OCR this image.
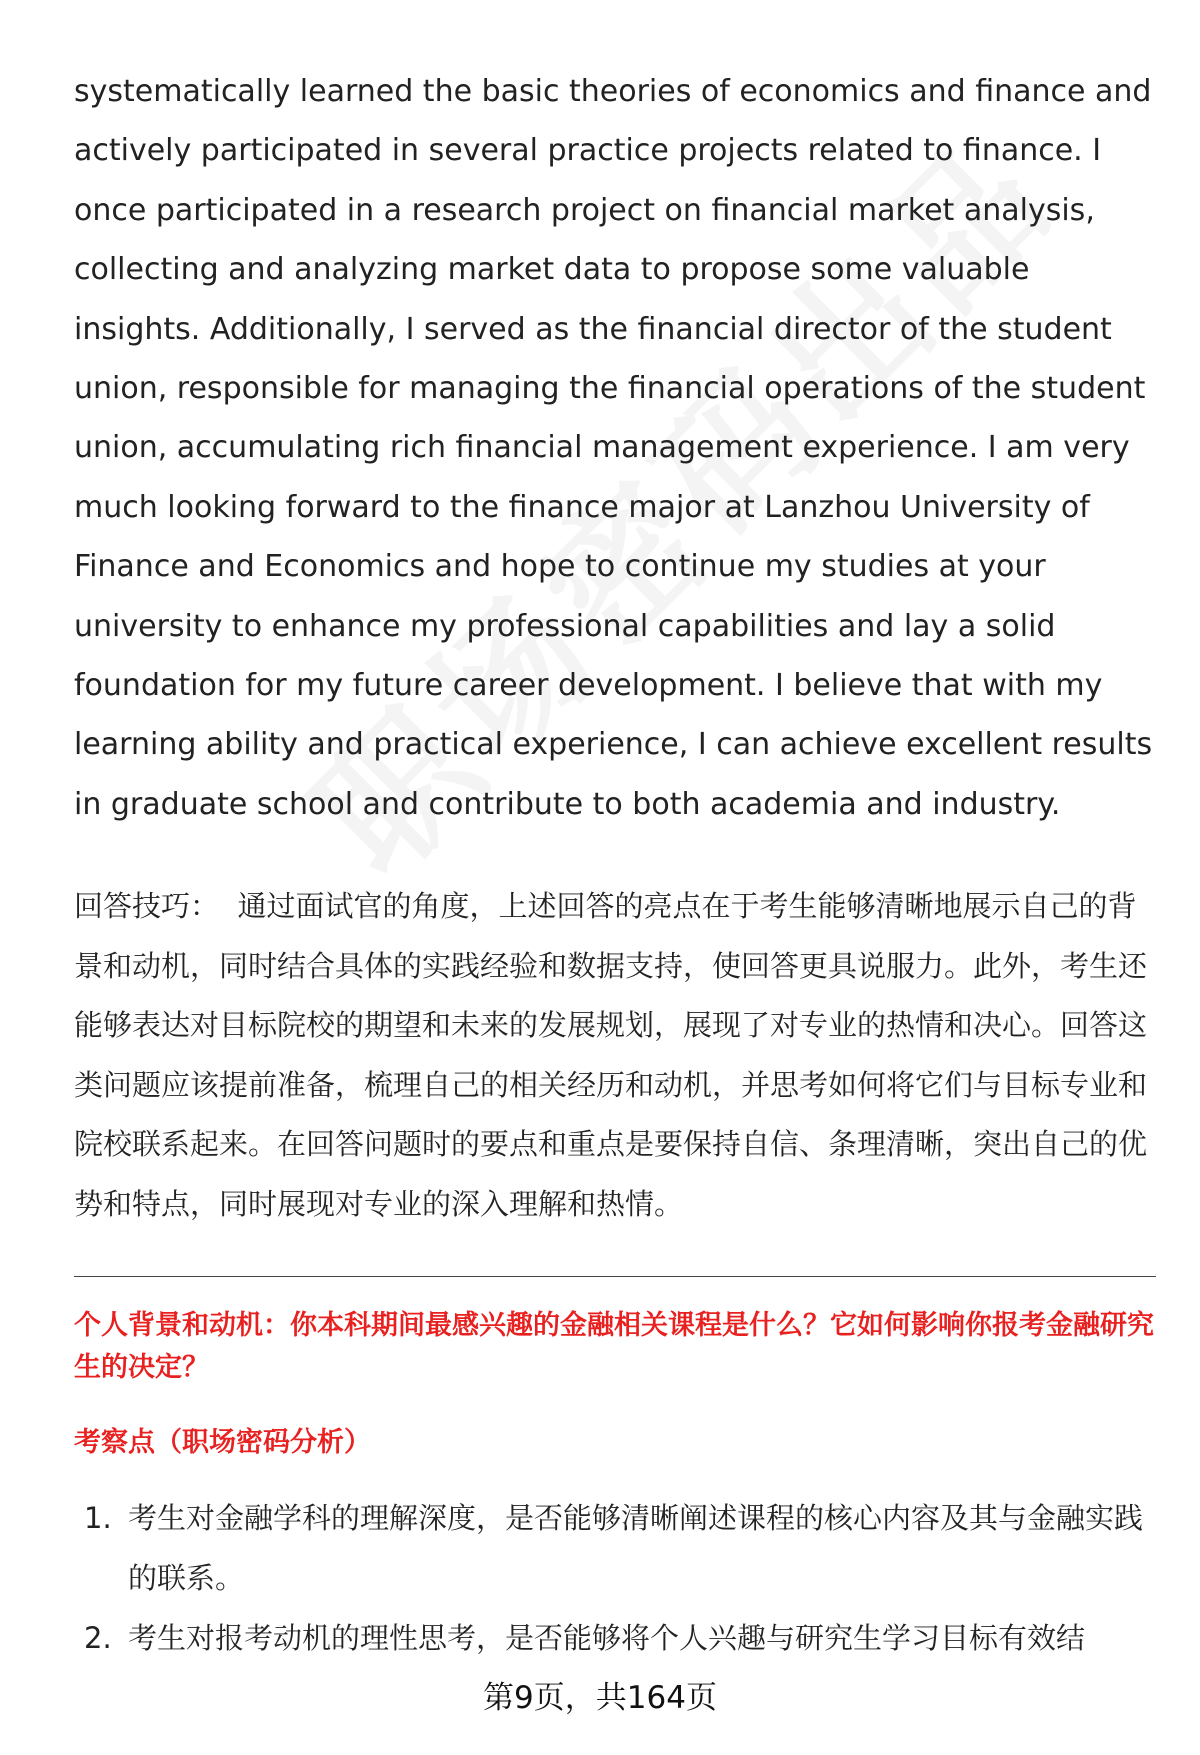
systematically learned the basic theories of economics and finance and actively participated in several practice projects related to finance. I once participated in a research project on financial market analysis, collecting and analyzing market data to propose some valuable insights. Additionally, I served as the financial director of the student union, responsible for managing the financial operations of the student union, accumulating rich financial management experience. I am very much looking forward to the finance major at Lanzhou University of Finance and Economics and hope to continue my studies at your university to enhance my professional capabilities and lay a solid foundation for my future career development. I believe that with my learning ability and practical experience, I can achieve excellent results in graduate school and contribute to both academia and industry.

回答技巧： 通过面试官的角度，上述回答的亮点在于考生能够清晰地展示自己的背景和动机，同时结合具体的实践经验和数据支持，使回答更具说服力。此外，考生还能够表达对目标院校的期望和未来的发展规划，展现了对专业的热情和决心。回答这类问题应该提前准备，梳理自己的相关经历和动机，并思考如何将它们与目标专业和院校联系起来。在回答问题时的要点和重点是要保持自信、条理清晰，突出自己的优势和特点，同时展现对专业的深入理解和热情。

个人背景和动机：你本科期间最感兴趣的金融相关课程是什么？它如何影响你报考金融研究生的决定？

考察点（职场密码分析）

1. 考生对金融学科的理解深度，是否能够清晰阐述课程的核心内容及其与金融实践的联系。
2. 考生对报考动机的理性思考，是否能够将个人兴趣与研究生学习目标有效结
第9页，共164页
